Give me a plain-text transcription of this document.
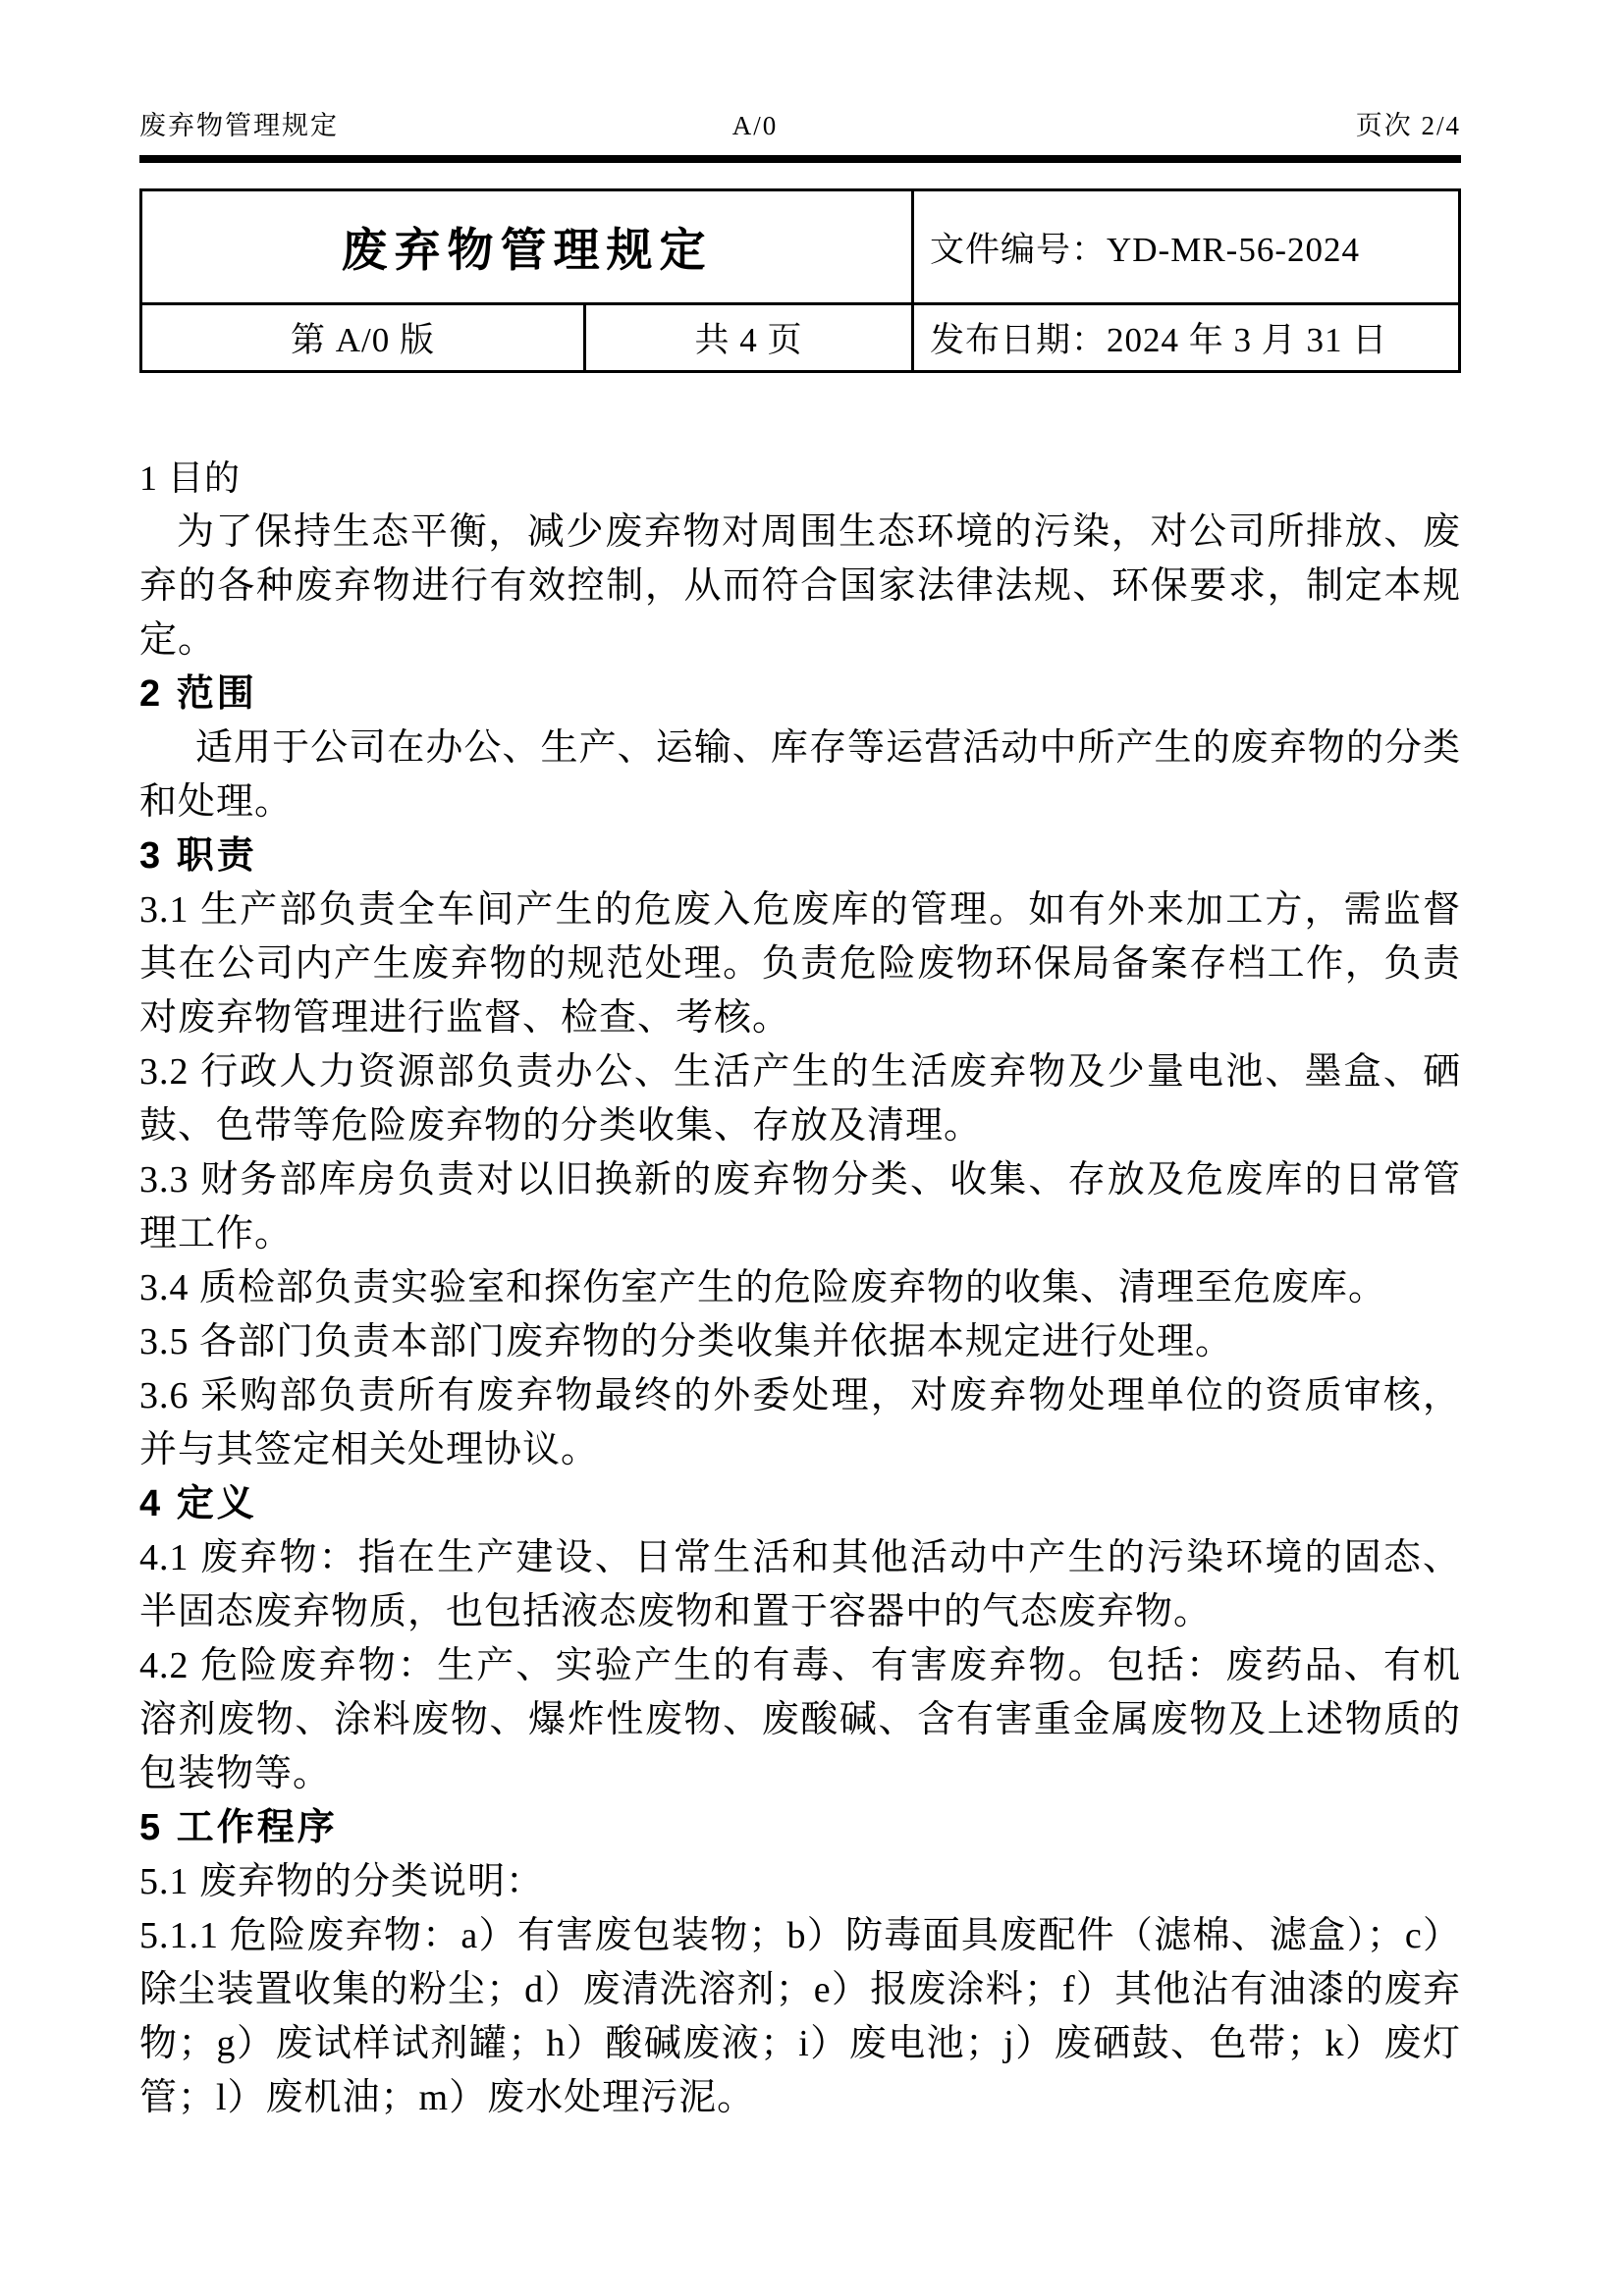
废弃物管理规定	A/0	页次 2/4
废弃物管理规定		文件编号：YD-MR-56-2024
第 A/0 版	共 4 页	发布日期：2024 年 3 月 31 日

1 目的

为了保持生态平衡，减少废弃物对周围生态环境的污染，对公司所排放、废弃的各种废弃物进行有效控制，从而符合国家法律法规、环保要求，制定本规定。

2 范围

适用于公司在办公、生产、运输、库存等运营活动中所产生的废弃物的分类和处理。

3 职责

3.1 生产部负责全车间产生的危废入危废库的管理。如有外来加工方，需监督其在公司内产生废弃物的规范处理。负责危险废物环保局备案存档工作，负责对废弃物管理进行监督、检查、考核。

3.2 行政人力资源部负责办公、生活产生的生活废弃物及少量电池、墨盒、硒鼓、色带等危险废弃物的分类收集、存放及清理。

3.3 财务部库房负责对以旧换新的废弃物分类、收集、存放及危废库的日常管理工作。

3.4 质检部负责实验室和探伤室产生的危险废弃物的收集、清理至危废库。

3.5 各部门负责本部门废弃物的分类收集并依据本规定进行处理。

3.6 采购部负责所有废弃物最终的外委处理，对废弃物处理单位的资质审核，并与其签定相关处理协议。

4 定义

4.1 废弃物：指在生产建设、日常生活和其他活动中产生的污染环境的固态、半固态废弃物质，也包括液态废物和置于容器中的气态废弃物。

4.2 危险废弃物：生产、实验产生的有毒、有害废弃物。包括：废药品、有机溶剂废物、涂料废物、爆炸性废物、废酸碱、含有害重金属废物及上述物质的包装物等。

5 工作程序

5.1 废弃物的分类说明：

5.1.1 危险废弃物：a）有害废包装物；b）防毒面具废配件（滤棉、滤盒）；c）除尘装置收集的粉尘；d）废清洗溶剂；e）报废涂料；f）其他沾有油漆的废弃物；g）废试样试剂罐；h）酸碱废液；i）废电池；j）废硒鼓、色带；k）废灯管；l）废机油；m）废水处理污泥。
